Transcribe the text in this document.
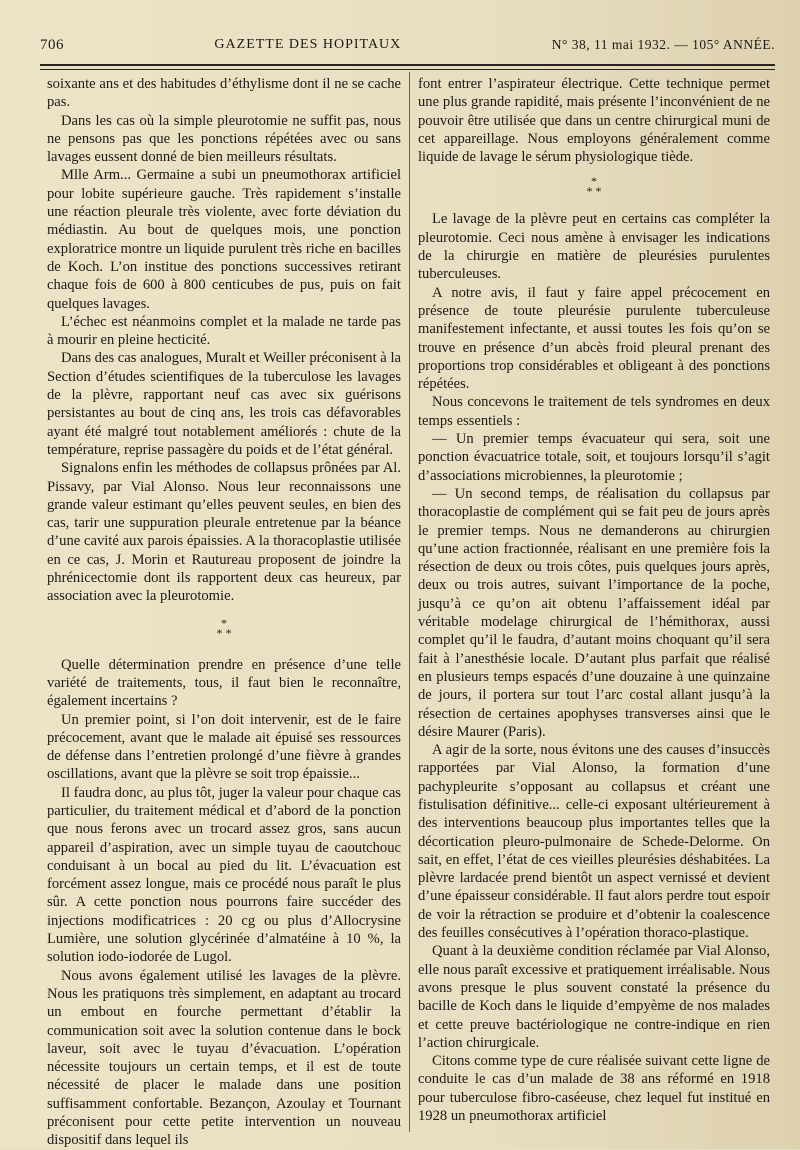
706	GAZETTE DES HOPITAUX	N° 38, 11 mai 1932. — 105° ANNÉE.

soixante ans et des habitudes d’éthylisme dont il ne se cache pas.

Dans les cas où la simple pleurotomie ne suffit pas, nous ne pensons pas que les ponctions répétées avec ou sans lavages eussent donné de bien meilleurs résultats.

Mlle Arm... Germaine a subi un pneumothorax artificiel pour lobite supérieure gauche. Très rapidement s’installe une réaction pleurale très violente, avec forte déviation du médiastin. Au bout de quelques mois, une ponction exploratrice montre un liquide purulent très riche en bacilles de Koch. L’on institue des ponctions successives retirant chaque fois de 600 à 800 centicubes de pus, puis on fait quelques lavages.

L’échec est néanmoins complet et la malade ne tarde pas à mourir en pleine hecticité.

Dans des cas analogues, Muralt et Weiller préconisent à la Section d’études scientifiques de la tuberculose les lavages de la plèvre, rapportant neuf cas avec six guérisons persistantes au bout de cinq ans, les trois cas défavorables ayant été malgré tout notablement améliorés : chute de la température, reprise passagère du poids et de l’état général.

Signalons enfin les méthodes de collapsus prônées par Al. Pissavy, par Vial Alonso. Nous leur reconnaissons une grande valeur estimant qu’elles peuvent seules, en bien des cas, tarir une suppuration pleurale entretenue par la béance d’une cavité aux parois épaissies. A la thoracoplastie utilisée en ce cas, J. Morin et Rautureau proposent de joindre la phrénicectomie dont ils rapportent deux cas heureux, par association avec la pleurotomie.

*
* *

Quelle détermination prendre en présence d’une telle variété de traitements, tous, il faut bien le reconnaître, également incertains ?

Un premier point, si l’on doit intervenir, est de le faire précocement, avant que le malade ait épuisé ses ressources de défense dans l’entretien prolongé d’une fièvre à grandes oscillations, avant que la plèvre se soit trop épaissie...

Il faudra donc, au plus tôt, juger la valeur pour chaque cas particulier, du traitement médical et d’abord de la ponction que nous ferons avec un trocard assez gros, sans aucun appareil d’aspiration, avec un simple tuyau de caoutchouc conduisant à un bocal au pied du lit. L’évacuation est forcément assez longue, mais ce procédé nous paraît le plus sûr. A cette ponction nous pourrons faire succéder des injections modificatrices : 20 cg ou plus d’Allocrysine Lumière, une solution glycérinée d’almatéine à 10 %, la solution iodo-iodorée de Lugol.

Nous avons également utilisé les lavages de la plèvre. Nous les pratiquons très simplement, en adaptant au trocard un embout en fourche permettant d’établir la communication soit avec la solution contenue dans le bock laveur, soit avec le tuyau d’évacuation. L’opération nécessite toujours un certain temps, et il est de toute nécessité de placer le malade dans une position suffisamment confortable. Bezançon, Azoulay et Tournant préconisent pour cette petite intervention un nouveau dispositif dans lequel ils

font entrer l’aspirateur électrique. Cette technique permet une plus grande rapidité, mais présente l’inconvénient de ne pouvoir être utilisée que dans un centre chirurgical muni de cet appareillage. Nous employons généralement comme liquide de lavage le sérum physiologique tiède.

*
* *

Le lavage de la plèvre peut en certains cas compléter la pleurotomie. Ceci nous amène à envisager les indications de la chirurgie en matière de pleurésies purulentes tuberculeuses.

A notre avis, il faut y faire appel précocement en présence de toute pleurésie purulente tuberculeuse manifestement infectante, et aussi toutes les fois qu’on se trouve en présence d’un abcès froid pleural prenant des proportions trop considérables et obligeant à des ponctions répétées.

Nous concevons le traitement de tels syndromes en deux temps essentiels :

— Un premier temps évacuateur qui sera, soit une ponction évacuatrice totale, soit, et toujours lorsqu’il s’agit d’associations microbiennes, la pleurotomie ;

— Un second temps, de réalisation du collapsus par thoracoplastie de complément qui se fait peu de jours après le premier temps. Nous ne demanderons au chirurgien qu’une action fractionnée, réalisant en une première fois la résection de deux ou trois côtes, puis quelques jours après, deux ou trois autres, suivant l’importance de la poche, jusqu’à ce qu’on ait obtenu l’affaissement idéal par véritable modelage chirurgical de l’hémithorax, aussi complet qu’il le faudra, d’autant moins choquant qu’il sera fait à l’anesthésie locale. D’autant plus parfait que réalisé en plusieurs temps espacés d’une douzaine à une quinzaine de jours, il portera sur tout l’arc costal allant jusqu’à la résection de certaines apophyses transverses ainsi que le désire Maurer (Paris).

A agir de la sorte, nous évitons une des causes d’insuccès rapportées par Vial Alonso, la formation d’une pachypleurite s’opposant au collapsus et créant une fistulisation définitive... celle-ci exposant ultérieurement à des interventions beaucoup plus importantes telles que la décortication pleuro-pulmonaire de Schede-Delorme. On sait, en effet, l’état de ces vieilles pleurésies déshabitées. La plèvre lardacée prend bientôt un aspect vernissé et devient d’une épaisseur considérable. Il faut alors perdre tout espoir de voir la rétraction se produire et d’obtenir la coalescence des feuilles consécutives à l’opération thoraco-plastique.

Quant à la deuxième condition réclamée par Vial Alonso, elle nous paraît excessive et pratiquement irréalisable. Nous avons presque le plus souvent constaté la présence du bacille de Koch dans le liquide d’empyème de nos malades et cette preuve bactériologique ne contre-indique en rien l’action chirurgicale.

Citons comme type de cure réalisée suivant cette ligne de conduite le cas d’un malade de 38 ans réformé en 1918 pour tuberculose fibro-caséeuse, chez lequel fut institué en 1928 un pneumothorax artificiel
